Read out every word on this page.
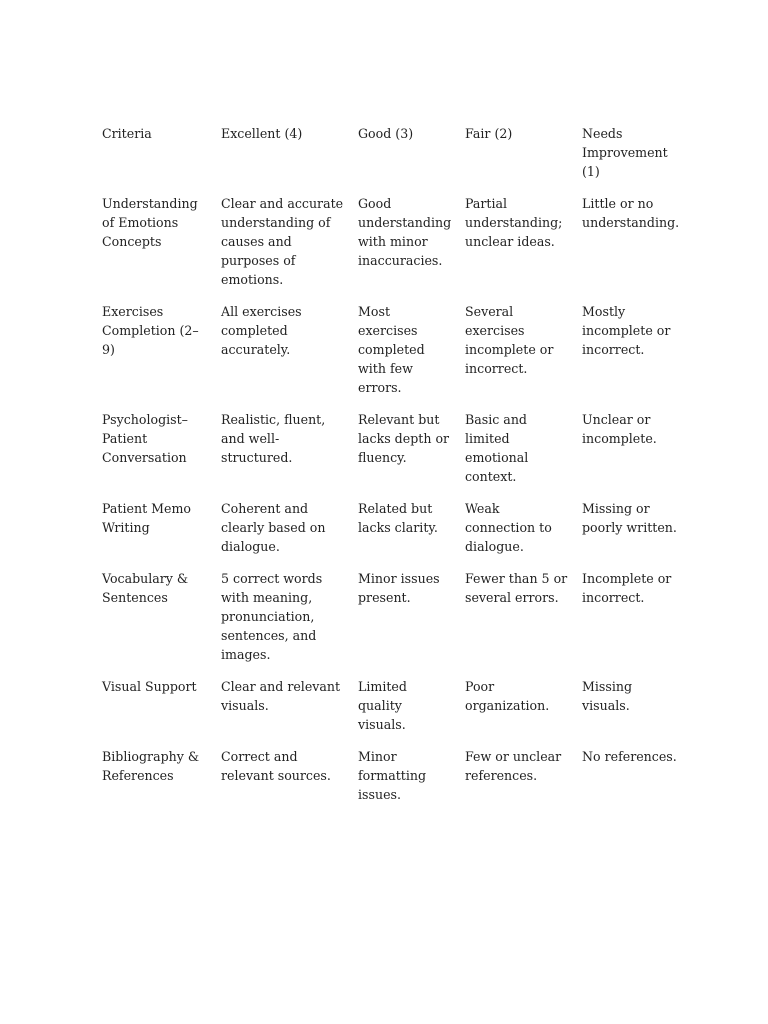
Criteria	Excellent (4)	Good (3)	Fair (2)	Needs Improvement (1)
Understanding of Emotions Concepts	Clear and accurate understanding of causes and purposes of emotions.	Good understanding with minor inaccuracies.	Partial understanding; unclear ideas.	Little or no understanding.
Exercises Completion (2–9)	All exercises completed accurately.	Most exercises completed with few errors.	Several exercises incomplete or incorrect.	Mostly incomplete or incorrect.
Psychologist– Patient Conversation	Realistic, fluent, and well-structured.	Relevant but lacks depth or fluency.	Basic and limited emotional context.	Unclear or incomplete.
Patient Memo Writing	Coherent and clearly based on dialogue.	Related but lacks clarity.	Weak connection to dialogue.	Missing or poorly written.
Vocabulary & Sentences	5 correct words with meaning, pronunciation, sentences, and images.	Minor issues present.	Fewer than 5 or several errors.	Incomplete or incorrect.
Visual Support	Clear and relevant visuals.	Limited quality visuals.	Poor organization.	Missing visuals.
Bibliography & References	Correct and relevant sources.	Minor formatting issues.	Few or unclear references.	No references.
